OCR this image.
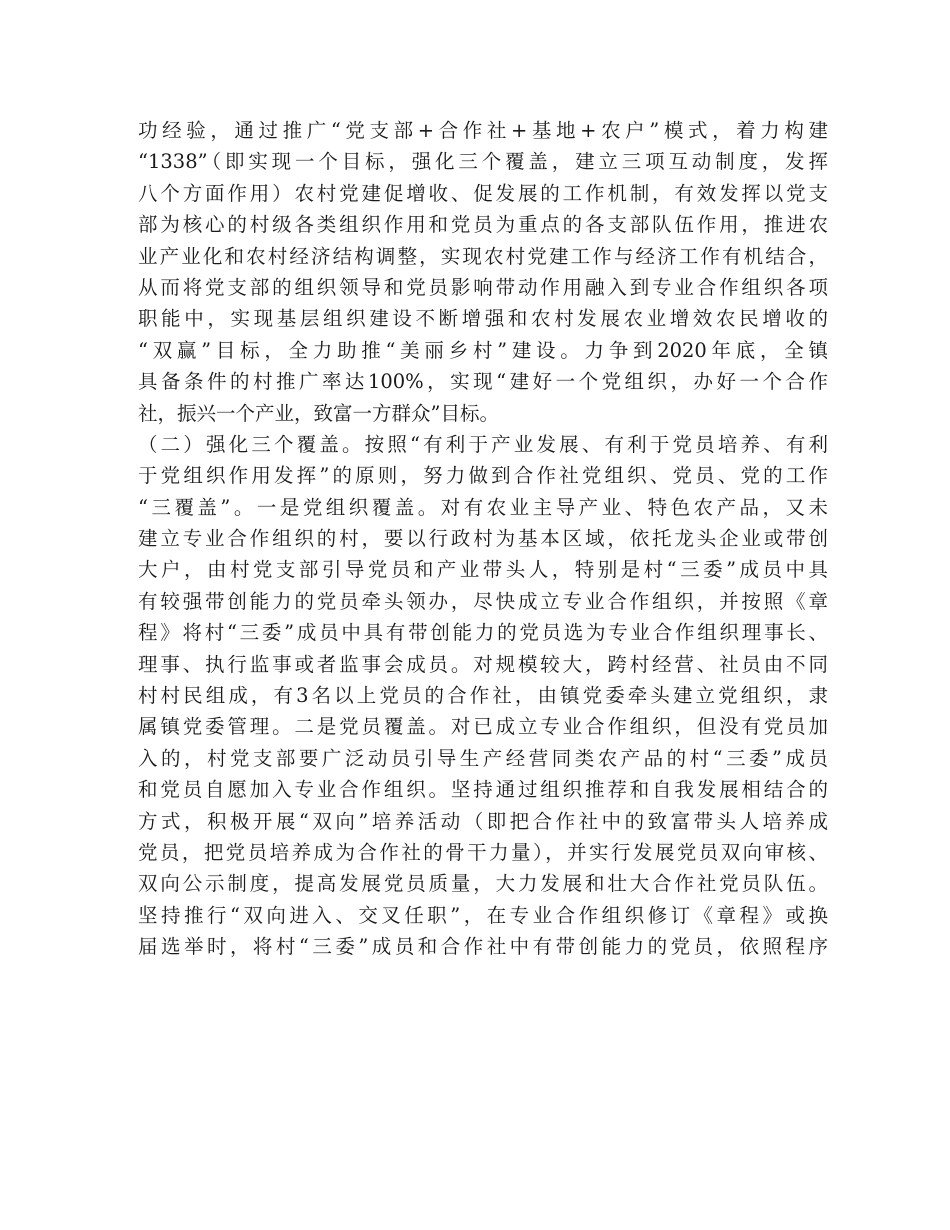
功经验，通过推广“党支部+合作社+基地+农户”模式，着力构建
“1338”（即实现一个目标，强化三个覆盖，建立三项互动制度，发挥
八个方面作用）农村党建促增收、促发展的工作机制，有效发挥以党支
部为核心的村级各类组织作用和党员为重点的各支部队伍作用，推进农
业产业化和农村经济结构调整，实现农村党建工作与经济工作有机结合，
从而将党支部的组织领导和党员影响带动作用融入到专业合作组织各项
职能中，实现基层组织建设不断增强和农村发展农业增效农民增收的
“双赢”目标，全力助推“美丽乡村”建设。力争到2020年底，全镇
具备条件的村推广率达100%，实现“建好一个党组织，办好一个合作
社，振兴一个产业，致富一方群众”目标。
（二）强化三个覆盖。按照“有利于产业发展、有利于党员培养、有利
于党组织作用发挥”的原则，努力做到合作社党组织、党员、党的工作
“三覆盖”。一是党组织覆盖。对有农业主导产业、特色农产品，又未
建立专业合作组织的村，要以行政村为基本区域，依托龙头企业或带创
大户，由村党支部引导党员和产业带头人，特别是村“三委”成员中具
有较强带创能力的党员牵头领办，尽快成立专业合作组织，并按照《章
程》将村“三委”成员中具有带创能力的党员选为专业合作组织理事长、
理事、执行监事或者监事会成员。对规模较大，跨村经营、社员由不同
村村民组成，有3名以上党员的合作社，由镇党委牵头建立党组织，隶
属镇党委管理。二是党员覆盖。对已成立专业合作组织，但没有党员加
入的，村党支部要广泛动员引导生产经营同类农产品的村“三委”成员
和党员自愿加入专业合作组织。坚持通过组织推荐和自我发展相结合的
方式，积极开展“双向”培养活动（即把合作社中的致富带头人培养成
党员，把党员培养成为合作社的骨干力量），并实行发展党员双向审核、
双向公示制度，提高发展党员质量，大力发展和壮大合作社党员队伍。
坚持推行“双向进入、交叉任职”，在专业合作组织修订《章程》或换
届选举时，将村“三委”成员和合作社中有带创能力的党员，依照程序
